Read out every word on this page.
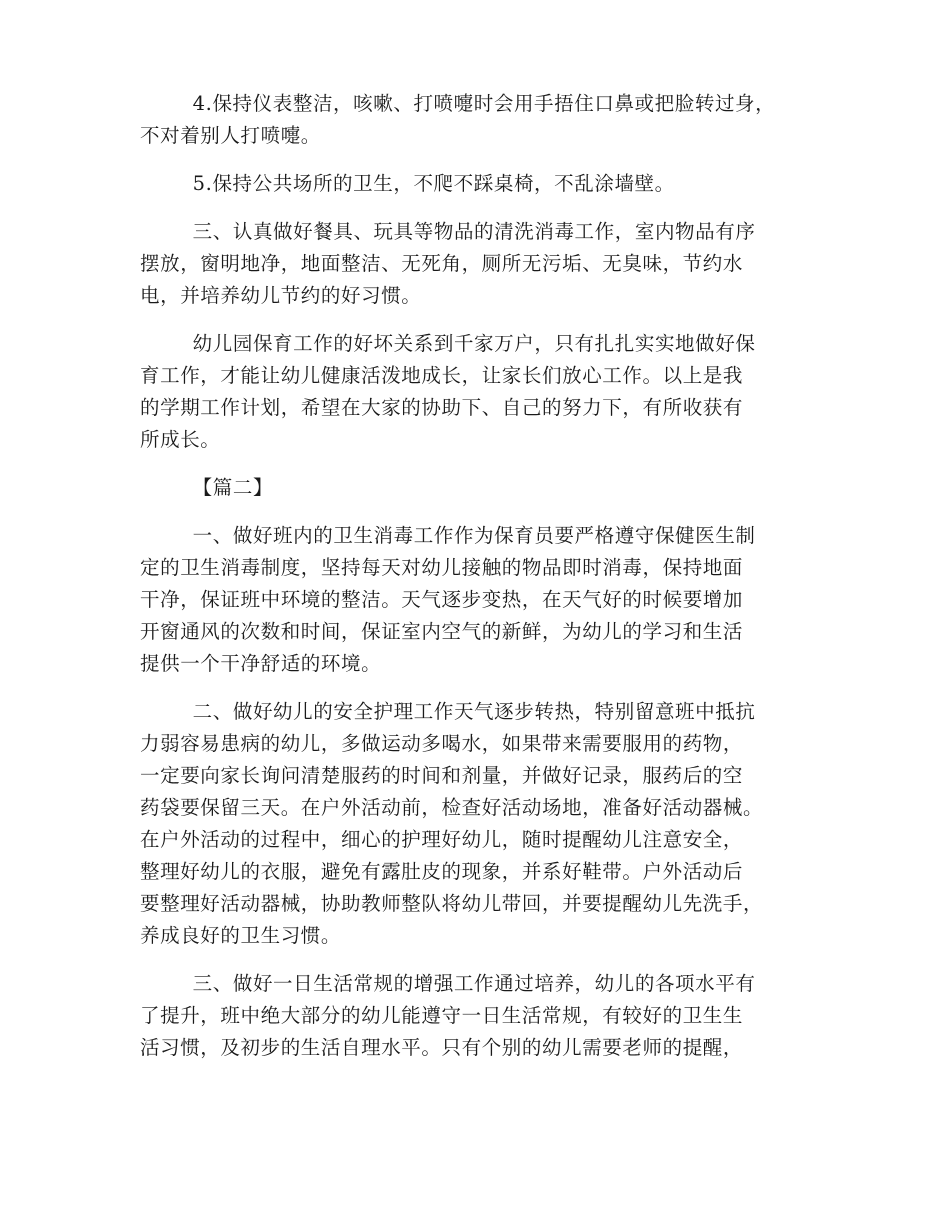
4.保持仪表整洁，咳嗽、打喷嚏时会用手捂住口鼻或把脸转过身，
不对着别人打喷嚏。
5.保持公共场所的卫生，不爬不踩桌椅，不乱涂墙壁。
三、认真做好餐具、玩具等物品的清洗消毒工作，室内物品有序
摆放，窗明地净，地面整洁、无死角，厕所无污垢、无臭味，节约水
电，并培养幼儿节约的好习惯。
幼儿园保育工作的好坏关系到千家万户，只有扎扎实实地做好保
育工作，才能让幼儿健康活泼地成长，让家长们放心工作。以上是我
的学期工作计划，希望在大家的协助下、自己的努力下，有所收获有
所成长。
【篇二】
一、做好班内的卫生消毒工作作为保育员要严格遵守保健医生制
定的卫生消毒制度，坚持每天对幼儿接触的物品即时消毒，保持地面
干净，保证班中环境的整洁。天气逐步变热，在天气好的时候要增加
开窗通风的次数和时间，保证室内空气的新鲜，为幼儿的学习和生活
提供一个干净舒适的环境。
二、做好幼儿的安全护理工作天气逐步转热，特别留意班中抵抗
力弱容易患病的幼儿，多做运动多喝水，如果带来需要服用的药物，
一定要向家长询问清楚服药的时间和剂量，并做好记录，服药后的空
药袋要保留三天。在户外活动前，检查好活动场地，准备好活动器械。
在户外活动的过程中，细心的护理好幼儿，随时提醒幼儿注意安全，
整理好幼儿的衣服，避免有露肚皮的现象，并系好鞋带。户外活动后
要整理好活动器械，协助教师整队将幼儿带回，并要提醒幼儿先洗手，
养成良好的卫生习惯。
三、做好一日生活常规的增强工作通过培养，幼儿的各项水平有
了提升，班中绝大部分的幼儿能遵守一日生活常规，有较好的卫生生
活习惯，及初步的生活自理水平。只有个别的幼儿需要老师的提醒，
